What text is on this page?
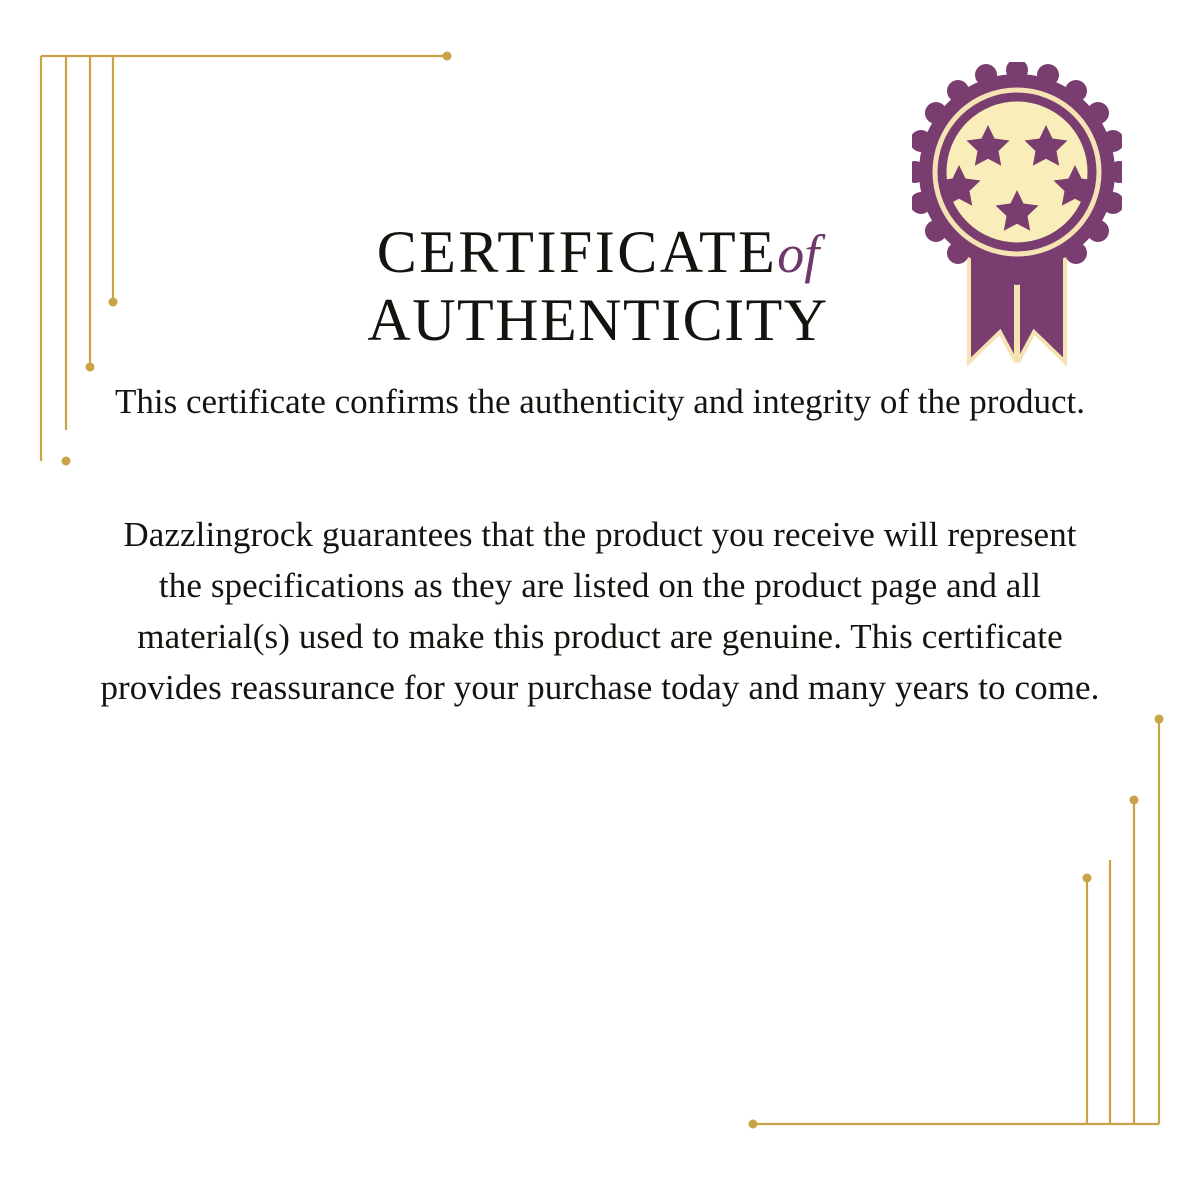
CERTIFICATEof
AUTHENTICITY

This certificate confirms the authenticity and integrity of the product.

Dazzlingrock guarantees that the product you receive will represent the specifications as they are listed on the product page and all material(s) used to make this product are genuine. This certificate provides reassurance for your purchase today and many years to come.
